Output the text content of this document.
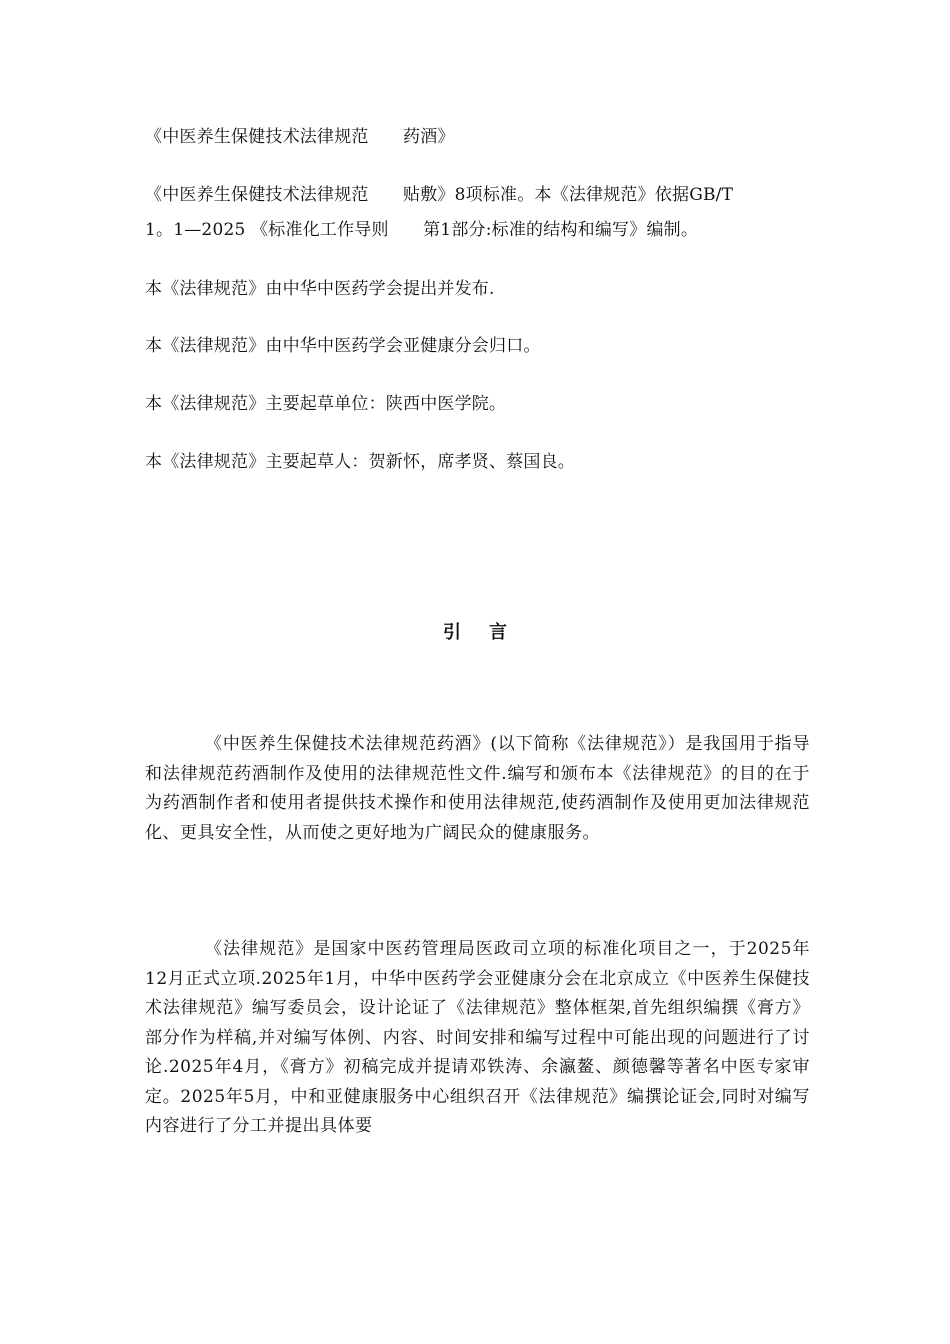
《中医养生保健技术法律规范　　药酒》
《中医养生保健技术法律规范　　贴敷》8项标准。本《法律规范》依据GB/T
1。1—2025 《标准化工作导则　　第1部分:标准的结构和编写》编制。
本《法律规范》由中华中医药学会提出并发布.
本《法律规范》由中华中医药学会亚健康分会归口。
本《法律规范》主要起草单位：陕西中医学院。
本《法律规范》主要起草人：贺新怀，席孝贤、蔡国良。
引言
《中医养生保健技术法律规范药酒》(以下简称《法律规范》）是我国用于指导和法律规范药酒制作及使用的法律规范性文件.编写和颁布本《法律规范》的目的在于为药酒制作者和使用者提供技术操作和使用法律规范,使药酒制作及使用更加法律规范化、更具安全性，从而使之更好地为广阔民众的健康服务。
《法律规范》是国家中医药管理局医政司立项的标准化项目之一，于2025年12月正式立项.2025年1月，中华中医药学会亚健康分会在北京成立《中医养生保健技术法律规范》编写委员会，设计论证了《法律规范》整体框架,首先组织编撰《膏方》部分作为样稿,并对编写体例、内容、时间安排和编写过程中可能出现的问题进行了讨论.2025年4月，《膏方》初稿完成并提请邓铁涛、余瀛鳌、颜德馨等著名中医专家审定。2025年5月，中和亚健康服务中心组织召开《法律规范》编撰论证会,同时对编写内容进行了分工并提出具体要
